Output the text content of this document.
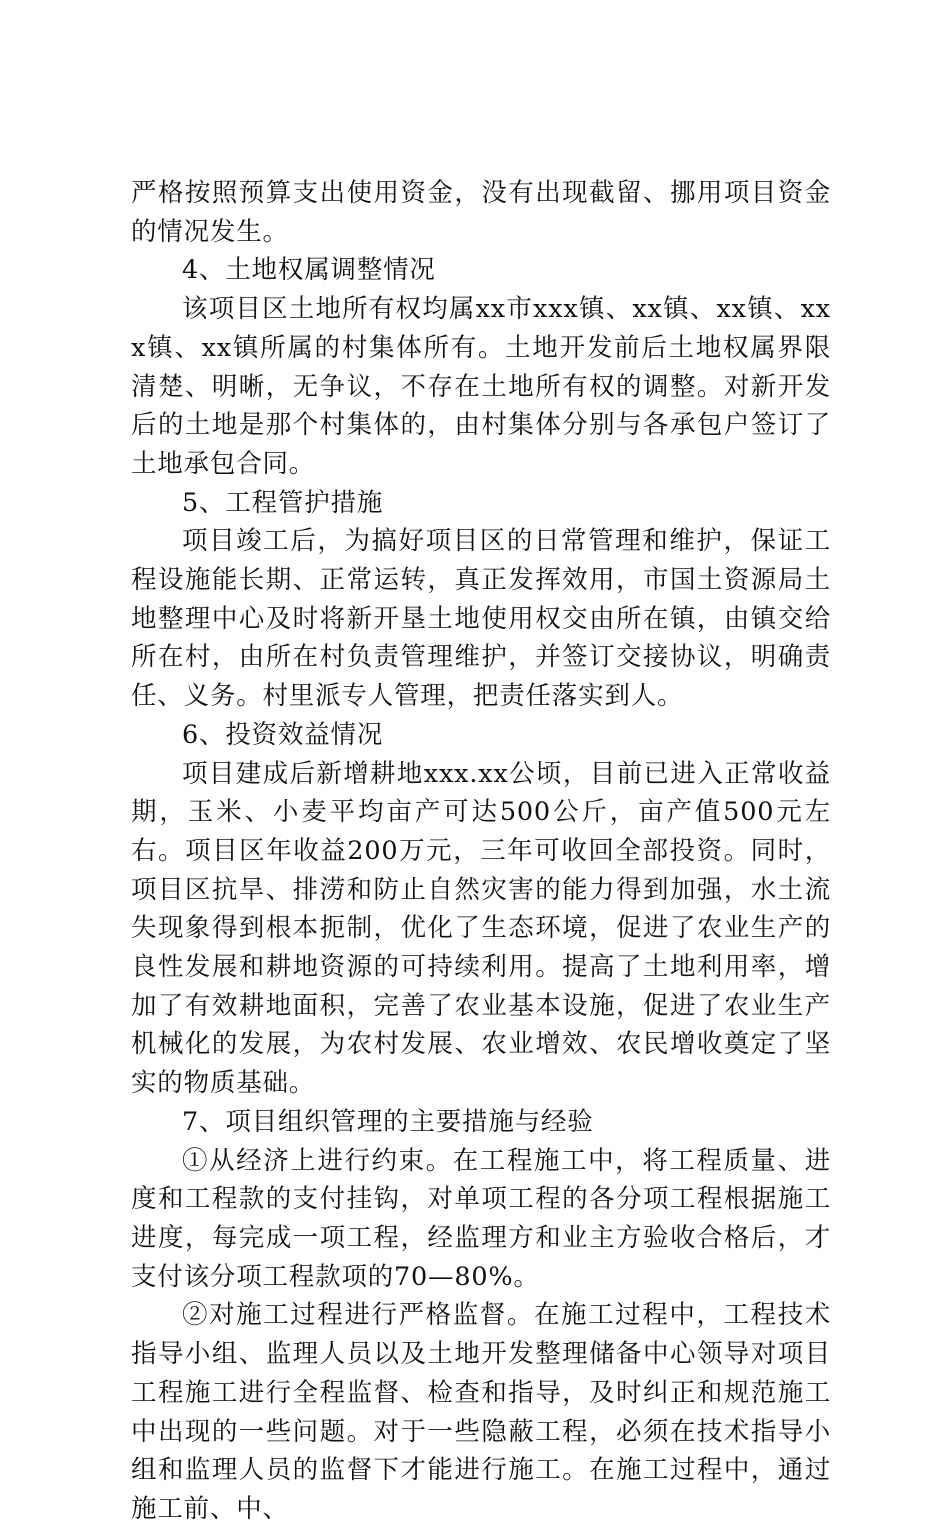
严格按照预算支出使用资金，没有出现截留、挪用项目资金的情况发生。

4、土地权属调整情况

该项目区土地所有权均属xx市xxx镇、xx镇、xx镇、xxx镇、xx镇所属的村集体所有。土地开发前后土地权属界限清楚、明晰，无争议，不存在土地所有权的调整。对新开发后的土地是那个村集体的，由村集体分别与各承包户签订了土地承包合同。

5、工程管护措施

项目竣工后，为搞好项目区的日常管理和维护，保证工程设施能长期、正常运转，真正发挥效用，市国土资源局土地整理中心及时将新开垦土地使用权交由所在镇，由镇交给所在村，由所在村负责管理维护，并签订交接协议，明确责任、义务。村里派专人管理，把责任落实到人。

6、投资效益情况

项目建成后新增耕地xxx.xx公顷，目前已进入正常收益期，玉米、小麦平均亩产可达500公斤，亩产值500元左右。项目区年收益200万元，三年可收回全部投资。同时，项目区抗旱、排涝和防止自然灾害的能力得到加强，水土流失现象得到根本扼制，优化了生态环境，促进了农业生产的良性发展和耕地资源的可持续利用。提高了土地利用率，增加了有效耕地面积，完善了农业基本设施，促进了农业生产机械化的发展，为农村发展、农业增效、农民增收奠定了坚实的物质基础。

7、项目组织管理的主要措施与经验

①从经济上进行约束。在工程施工中，将工程质量、进度和工程款的支付挂钩，对单项工程的各分项工程根据施工进度，每完成一项工程，经监理方和业主方验收合格后，才支付该分项工程款项的70—80%。

②对施工过程进行严格监督。在施工过程中，工程技术指导小组、监理人员以及土地开发整理储备中心领导对项目工程施工进行全程监督、检查和指导，及时纠正和规范施工中出现的一些问题。对于一些隐蔽工程，必须在技术指导小组和监理人员的监督下才能进行施工。在施工过程中，通过施工前、中、
